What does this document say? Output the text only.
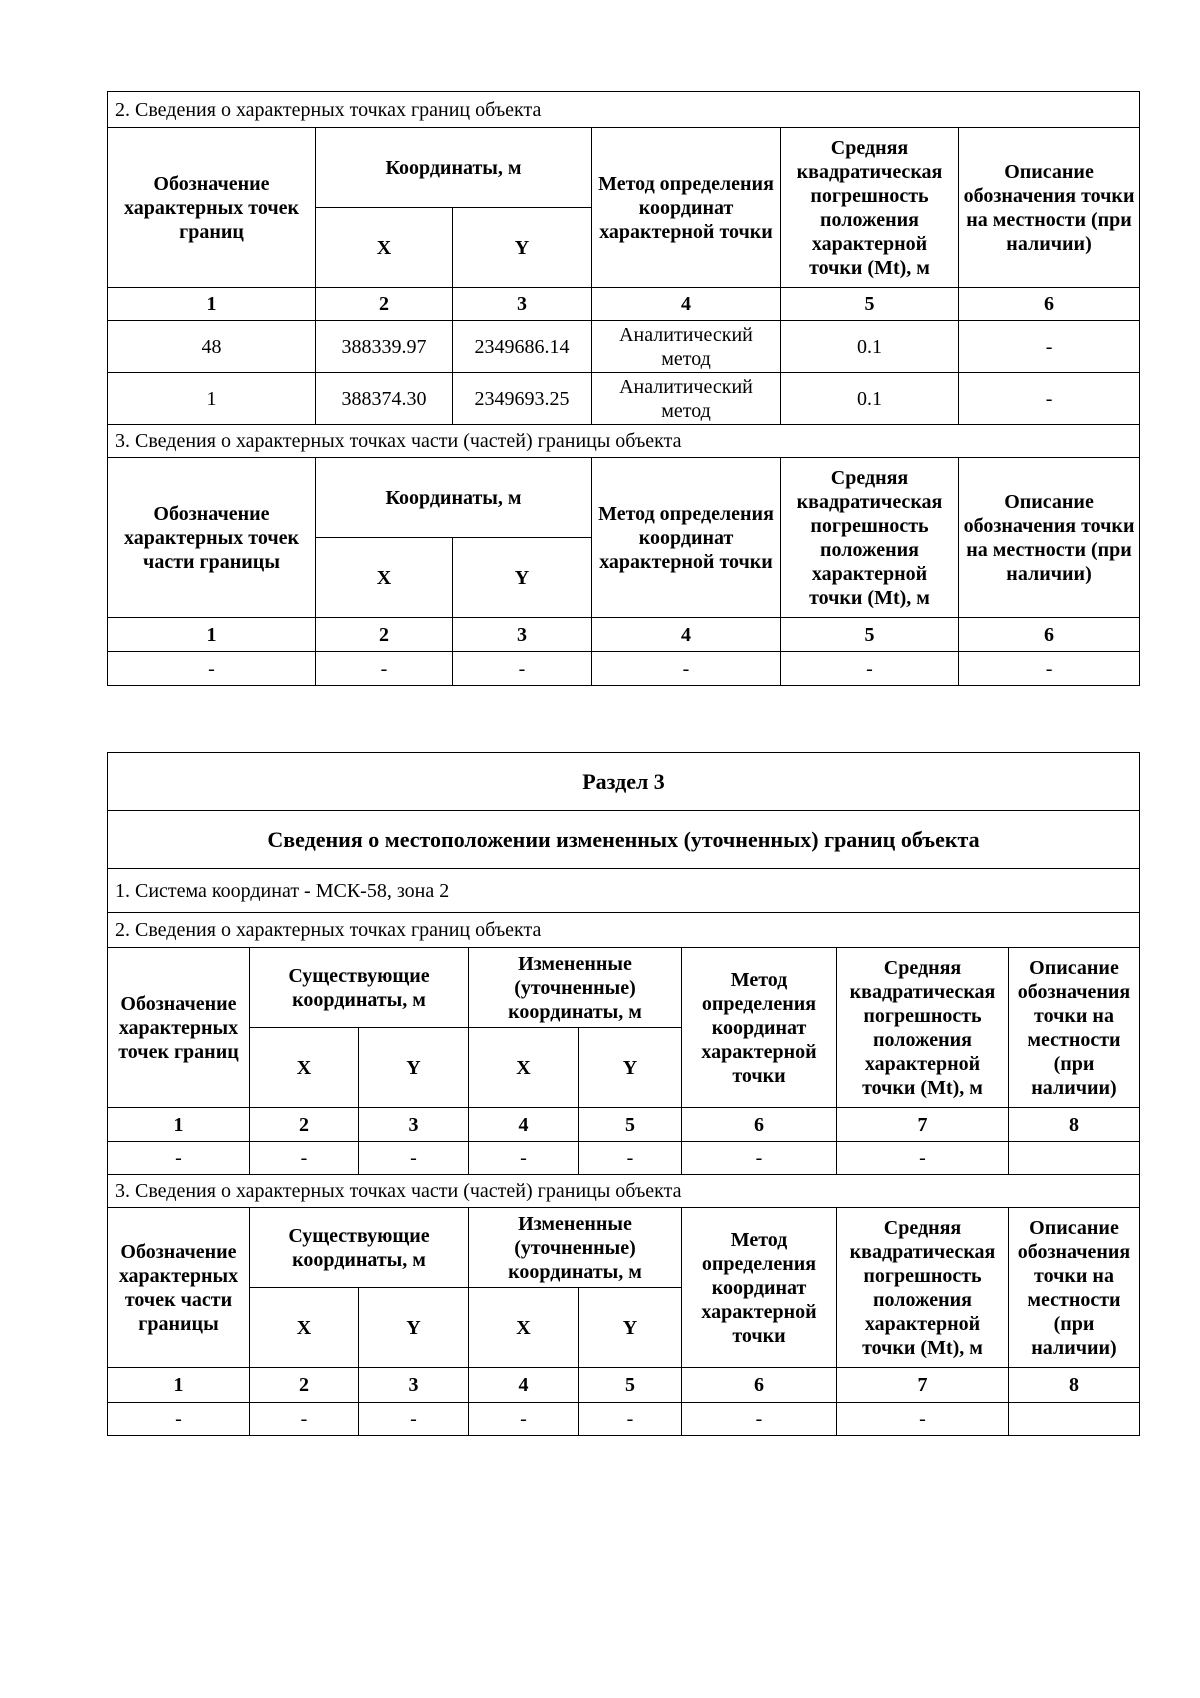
2. Сведения о характерных точках границ объекта					
Обозначение характерных точек границ	Координаты, м		Метод определения координат характерной точки	Средняя квадратическая погрешность положения характерной точки (Mt), м	Описание обозначения точки на местности (при наличии)
	X	Y			
1	2	3	4	5	6
48	388339.97	2349686.14	Аналитический метод	0.1	-
1	388374.30	2349693.25	Аналитический метод	0.1	-
3. Сведения о характерных точках части (частей) границы объекта					
Обозначение характерных точек части границы	Координаты, м		Метод определения координат характерной точки	Средняя квадратическая погрешность положения характерной точки (Mt), м	Описание обозначения точки на местности (при наличии)
	X	Y			
1	2	3	4	5	6
-	-	-	-	-	-
Раздел 3							
Сведения о местоположении измененных (уточненных) границ объекта							
1. Система координат - МСК-58, зона 2							
2. Сведения о характерных точках границ объекта							
Обозначение характерных точек границ	Существующие координаты, м		Измененные (уточненные) координаты, м		Метод определения координат характерной точки	Средняя квадратическая погрешность положения характерной точки (Mt), м	Описание обозначения точки на местности (при наличии)
	X	Y	X	Y			
1	2	3	4	5	6	7	8
-	-	-	-	-	-	-	
3. Сведения о характерных точках части (частей) границы объекта							
Обозначение характерных точек части границы	Существующие координаты, м		Измененные (уточненные) координаты, м		Метод определения координат характерной точки	Средняя квадратическая погрешность положения характерной точки (Mt), м	Описание обозначения точки на местности (при наличии)
	X	Y	X	Y			
1	2	3	4	5	6	7	8
-	-	-	-	-	-	-	
